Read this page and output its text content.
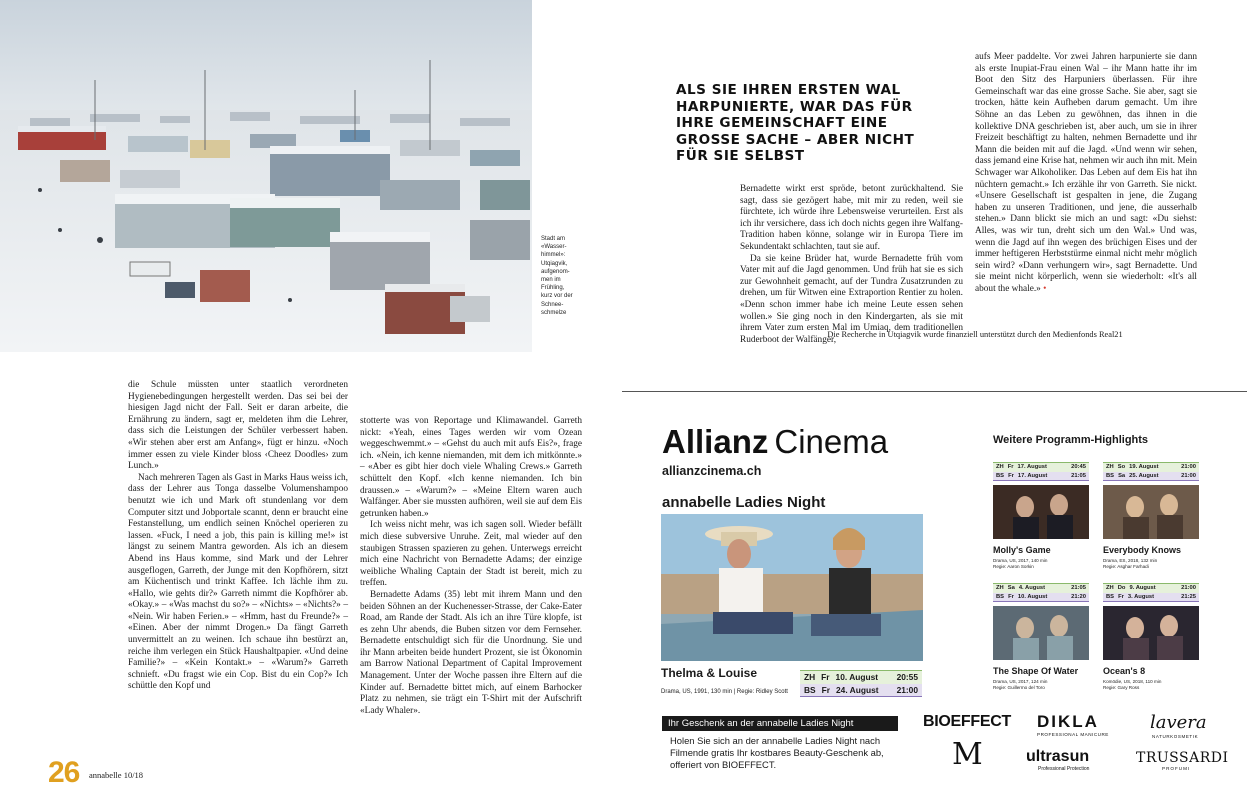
Stadt am
«Wasser-
himmel»:
Utqiagvik,
aufgenom-
men im
Frühling,
kurz vor der
Schnee-
schmelze
ALS SIE IHREN ERSTEN WAL HARPUNIERTE, WAR DAS FÜR IHRE GEMEINSCHAFT EINE GROSSE SACHE – ABER NICHT FÜR SIE SELBST

die Schule müssten unter staatlich verordneten Hygienebedingungen hergestellt werden. Das sei bei der hiesigen Jagd nicht der Fall. Seit er daran arbeite, die Ernährung zu ändern, sagt er, meldeten ihm die Lehrer, dass sich die Leistungen der Schüler verbessert haben. «Wir stehen aber erst am Anfang», fügt er hinzu. «Noch immer essen zu viele Kinder bloss ‹Cheez Doodles› zum Lunch.»

Nach mehreren Tagen als Gast in Marks Haus weiss ich, dass der Lehrer aus Tonga dasselbe Volumenshampoo benutzt wie ich und Mark oft stundenlang vor dem Computer sitzt und Jobportale scannt, denn er braucht eine Festanstellung, um endlich seinen Knöchel operieren zu lassen. «Fuck, I need a job, this pain is killing me!» ist längst zu seinem Mantra geworden. Als ich an diesem Abend ins Haus komme, sind Mark und der Lehrer ausgeflogen, Garreth, der Junge mit den Kopfhörern, sitzt am Küchentisch und trinkt Kaffee. Ich lächle ihm zu. «Hallo, wie gehts dir?» Garreth nimmt die Kopfhörer ab. «Okay.» – «Was machst du so?» – «Nichts» – «Nichts?» – «Nein. Wir haben Ferien.» – «Hmm, hast du Freunde?» – «Einen. Aber der nimmt Drogen.» Da fängt Garreth unvermittelt an zu weinen. Ich schaue ihn bestürzt an, reiche ihm verlegen ein Stück Haushaltpapier. «Und deine Familie?» – «Kein Kontakt.» – «Warum?» Garreth schnieft. «Du fragst wie ein Cop. Bist du ein Cop?» Ich schüttle den Kopf und

stotterte was von Reportage und Klimawandel. Garreth nickt: «Yeah, eines Tages werden wir vom Ozean weggeschwemmt.» – «Gehst du auch mit aufs Eis?», frage ich. «Nein, ich kenne niemanden, mit dem ich mitkönnte.» – «Aber es gibt hier doch viele Whaling Crews.» Garreth schüttelt den Kopf. «Ich kenne niemanden. Ich bin draussen.» – «Warum?» – «Meine Eltern waren auch Walfänger. Aber sie mussten aufhören, weil sie auf dem Eis getrunken haben.»

Ich weiss nicht mehr, was ich sagen soll. Wieder befällt mich diese subversive Unruhe. Zeit, mal wieder auf den staubigen Strassen spazieren zu gehen. Unterwegs erreicht mich eine Nachricht von Bernadette Adams; der einzige weibliche Whaling Captain der Stadt ist bereit, mich zu treffen.

Bernadette Adams (35) lebt mit ihrem Mann und den beiden Söhnen an der Kuchenesser-Strasse, der Cake-Eater Road, am Rande der Stadt. Als ich an ihre Türe klopfe, ist es zehn Uhr abends, die Buben sitzen vor dem Fernseher. Bernadette entschuldigt sich für die Unordnung. Sie und ihr Mann arbeiten beide hundert Prozent, sie ist Ökonomin am Barrow National Department of Capital Improvement Management. Unter der Woche passen ihre Eltern auf die Kinder auf. Bernadette bittet mich, auf einem Barhocker Platz zu nehmen, sie trägt ein T-Shirt mit der Aufschrift «Lady Whaler».

Bernadette wirkt erst spröde, betont zurückhaltend. Sie sagt, dass sie gezögert habe, mit mir zu reden, weil sie fürchtete, ich würde ihre Lebensweise verurteilen. Erst als ich ihr versichere, dass ich doch nichts gegen ihre Walfang-Tradition haben könne, solange wir in Europa Tiere im Sekundentakt schlachten, taut sie auf.

Da sie keine Brüder hat, wurde Bernadette früh vom Vater mit auf die Jagd genommen. Und früh hat sie es sich zur Gewohnheit gemacht, auf der Tundra Zusatzrunden zu drehen, um für Witwen eine Extraportion Rentier zu holen. «Denn schon immer habe ich meine Leute essen sehen wollen.» Sie ging noch in den Kindergarten, als sie mit ihrem Vater zum ersten Mal im Umiaq, dem traditionellen Ruderboot der Walfänger,

aufs Meer paddelte. Vor zwei Jahren harpunierte sie dann als erste Inupiat-Frau einen Wal – ihr Mann hatte ihr im Boot den Sitz des Harpuniers überlassen. Für ihre Gemeinschaft war das eine grosse Sache. Sie aber, sagt sie trocken, hätte kein Aufheben darum gemacht. Um ihre Söhne an das Leben zu gewöhnen, das ihnen in die kollektive DNA geschrieben ist, aber auch, um sie in ihrer Freizeit beschäftigt zu halten, nehmen Bernadette und ihr Mann die beiden mit auf die Jagd. «Und wenn wir sehen, dass jemand eine Krise hat, nehmen wir auch ihn mit. Mein Schwager war Alkoholiker. Das Leben auf dem Eis hat ihn nüchtern gemacht.» Ich erzähle ihr von Garreth. Sie nickt. «Unsere Gesellschaft ist gespalten in jene, die Zugang haben zu unseren Traditionen, und jene, die ausserhalb stehen.» Dann blickt sie mich an und sagt: «Du siehst: Alles, was wir tun, dreht sich um den Wal.» Und was, wenn die Jagd auf ihn wegen des brüchigen Eises und der immer heftigeren Herbststürme einmal nicht mehr möglich sein wird? «Dann verhungern wir», sagt Bernadette. Und sie meint nicht körperlich, wenn sie wiederholt: «It's all about the whale.» •

Die Recherche in Utqiagvik wurde finanziell unterstützt durch den Medienfonds Real21
26 annabelle 10/18
Allianz Cinema
allianzcinema.ch
annabelle Ladies Night
Thelma & Louise
Drama, US, 1991, 130 min | Regie: Ridley Scott
ZH Fr 10. August 20:55
BS Fr 24. August 21:00
Weitere Programm-Highlights
ZH Fr 17. August	20:45
BS Fr 17. August	21:05
Molly's Game
Drama, US, 2017, 140 min
Regie: Aaron Sorkin
ZH So 19. August	21:00
BS Sa 25. August	21:00
Everybody Knows
Drama, ES, 2018, 132 min
Regie: Asghar Farhadi
ZH Sa 4. August	21:05
BS Fr 10. August	21:20
The Shape Of Water
Drama, US, 2017, 124 min
Regie: Guillermo del Toro
ZH Do 9. August	21:00
BS Fr 3. August	21:25
Ocean's 8
Komödie, US, 2018, 110 min
Regie: Gary Ross
Ihr Geschenk an der annabelle Ladies Night
Holen Sie sich an der annabelle Ladies Night nach Filmende gratis Ihr kostbares Beauty-Geschenk ab, offeriert von BIOEFFECT.
BIOEFFECT DIKLA
PROFESSIONAL MANICURE
lavera
NATURKOSMETIK
M	ultrasun
Professional Protection
TRUSSARDI
PROFUMI
